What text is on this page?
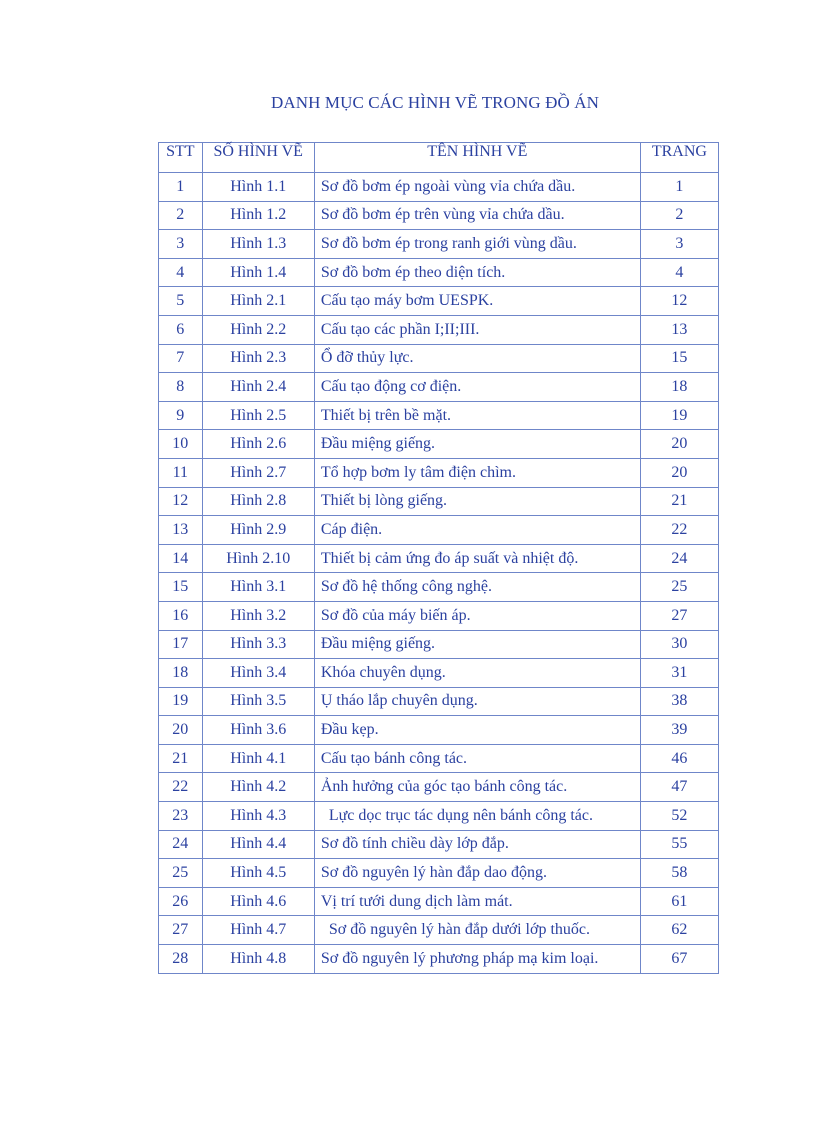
DANH MỤC CÁC HÌNH VẼ TRONG ĐỒ ÁN
STT	SỐ HÌNH VẼ	TÊN HÌNH VẼ	TRANG
1	Hình 1.1	Sơ đồ bơm ép ngoài vùng vỉa chứa dầu.	1
2	Hình 1.2	Sơ đồ bơm ép trên vùng vỉa chứa dầu.	2
3	Hình 1.3	Sơ đồ bơm ép trong ranh giới vùng dầu.	3
4	Hình 1.4	Sơ đồ bơm ép theo diện tích.	4
5	Hình 2.1	Cấu tạo máy bơm UESPK.	12
6	Hình 2.2	Cấu tạo các phần I;II;III.	13
7	Hình 2.3	Ổ đỡ thủy lực.	15
8	Hình 2.4	Cấu tạo động cơ điện.	18
9	Hình 2.5	Thiết bị trên bề mặt.	19
10	Hình 2.6	Đầu miệng giếng.	20
11	Hình 2.7	Tổ hợp bơm ly tâm điện chìm.	20
12	Hình 2.8	Thiết bị lòng giếng.	21
13	Hình 2.9	Cáp điện.	22
14	Hình 2.10	Thiết bị cảm ứng đo áp suất và nhiệt độ.	24
15	Hình 3.1	Sơ đồ hệ thống công nghệ.	25
16	Hình 3.2	Sơ đồ của máy biến áp.	27
17	Hình 3.3	Đầu miệng giếng.	30
18	Hình 3.4	Khóa chuyên dụng.	31
19	Hình 3.5	Ụ tháo lắp chuyên dụng.	38
20	Hình 3.6	Đầu kẹp.	39
21	Hình 4.1	Cấu tạo bánh công tác.	46
22	Hình 4.2	Ảnh hưởng của góc tạo bánh công tác.	47
23	Hình 4.3	Lực dọc trục tác dụng nên bánh công tác.	52
24	Hình 4.4	Sơ đồ tính chiều dày lớp đắp.	55
25	Hình 4.5	Sơ đồ nguyên lý hàn đắp dao động.	58
26	Hình 4.6	Vị trí tưới dung dịch làm mát.	61
27	Hình 4.7	Sơ đồ nguyên lý hàn đắp dưới lớp thuốc.	62
28	Hình 4.8	Sơ đồ nguyên lý phương pháp mạ kim loại.	67
